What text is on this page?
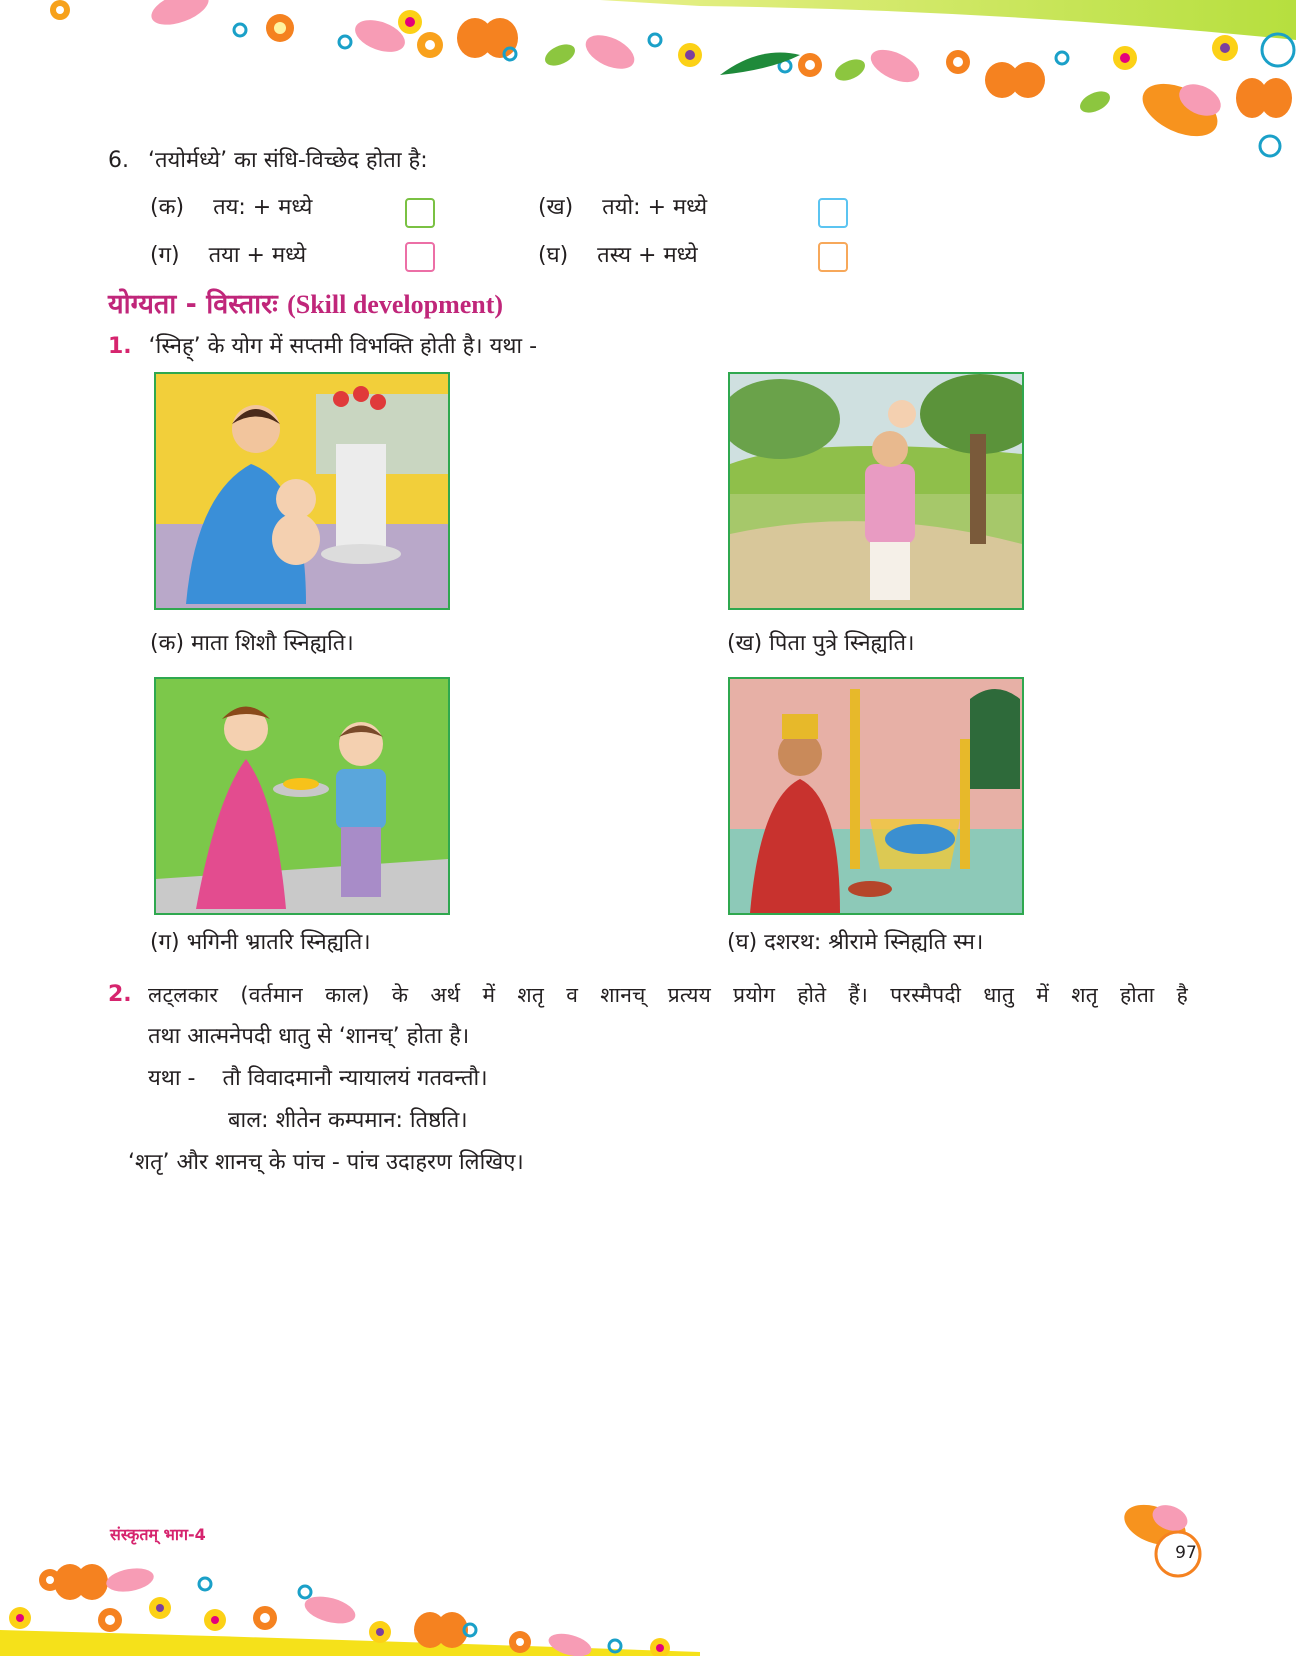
6. ‘तयोर्मध्ये’ का संधि-विच्छेद होता है:
(क) तय: + मध्ये	(ख) तयो: + मध्ये
(ग) तया + मध्ये	(घ) तस्य + मध्ये
योग्यता - विस्तारः (Skill development)
1. ‘स्निह्’ के योग में सप्तमी विभक्ति होती है। यथा -
(क) माता शिशौ स्निह्यति।	(ख) पिता पुत्रे स्निह्यति।
(ग) भगिनी भ्रातरि स्निह्यति।	(घ) दशरथ: श्रीरामे स्निह्यति स्म।
2. लट्लकार (वर्तमान काल) के अर्थ में शतृ व शानच् प्रत्यय प्रयोग होते हैं। परस्मैपदी धातु में शतृ होता है
तथा आत्मनेपदी धातु से ‘शानच्’ होता है।
यथा - तौ विवादमानौ न्यायालयं गतवन्तौ।
बाल: शीतेन कम्पमान: तिष्ठति।
‘शतृ’ और शानच् के पांच - पांच उदाहरण लिखिए।
संस्कृतम् भाग-4
97
